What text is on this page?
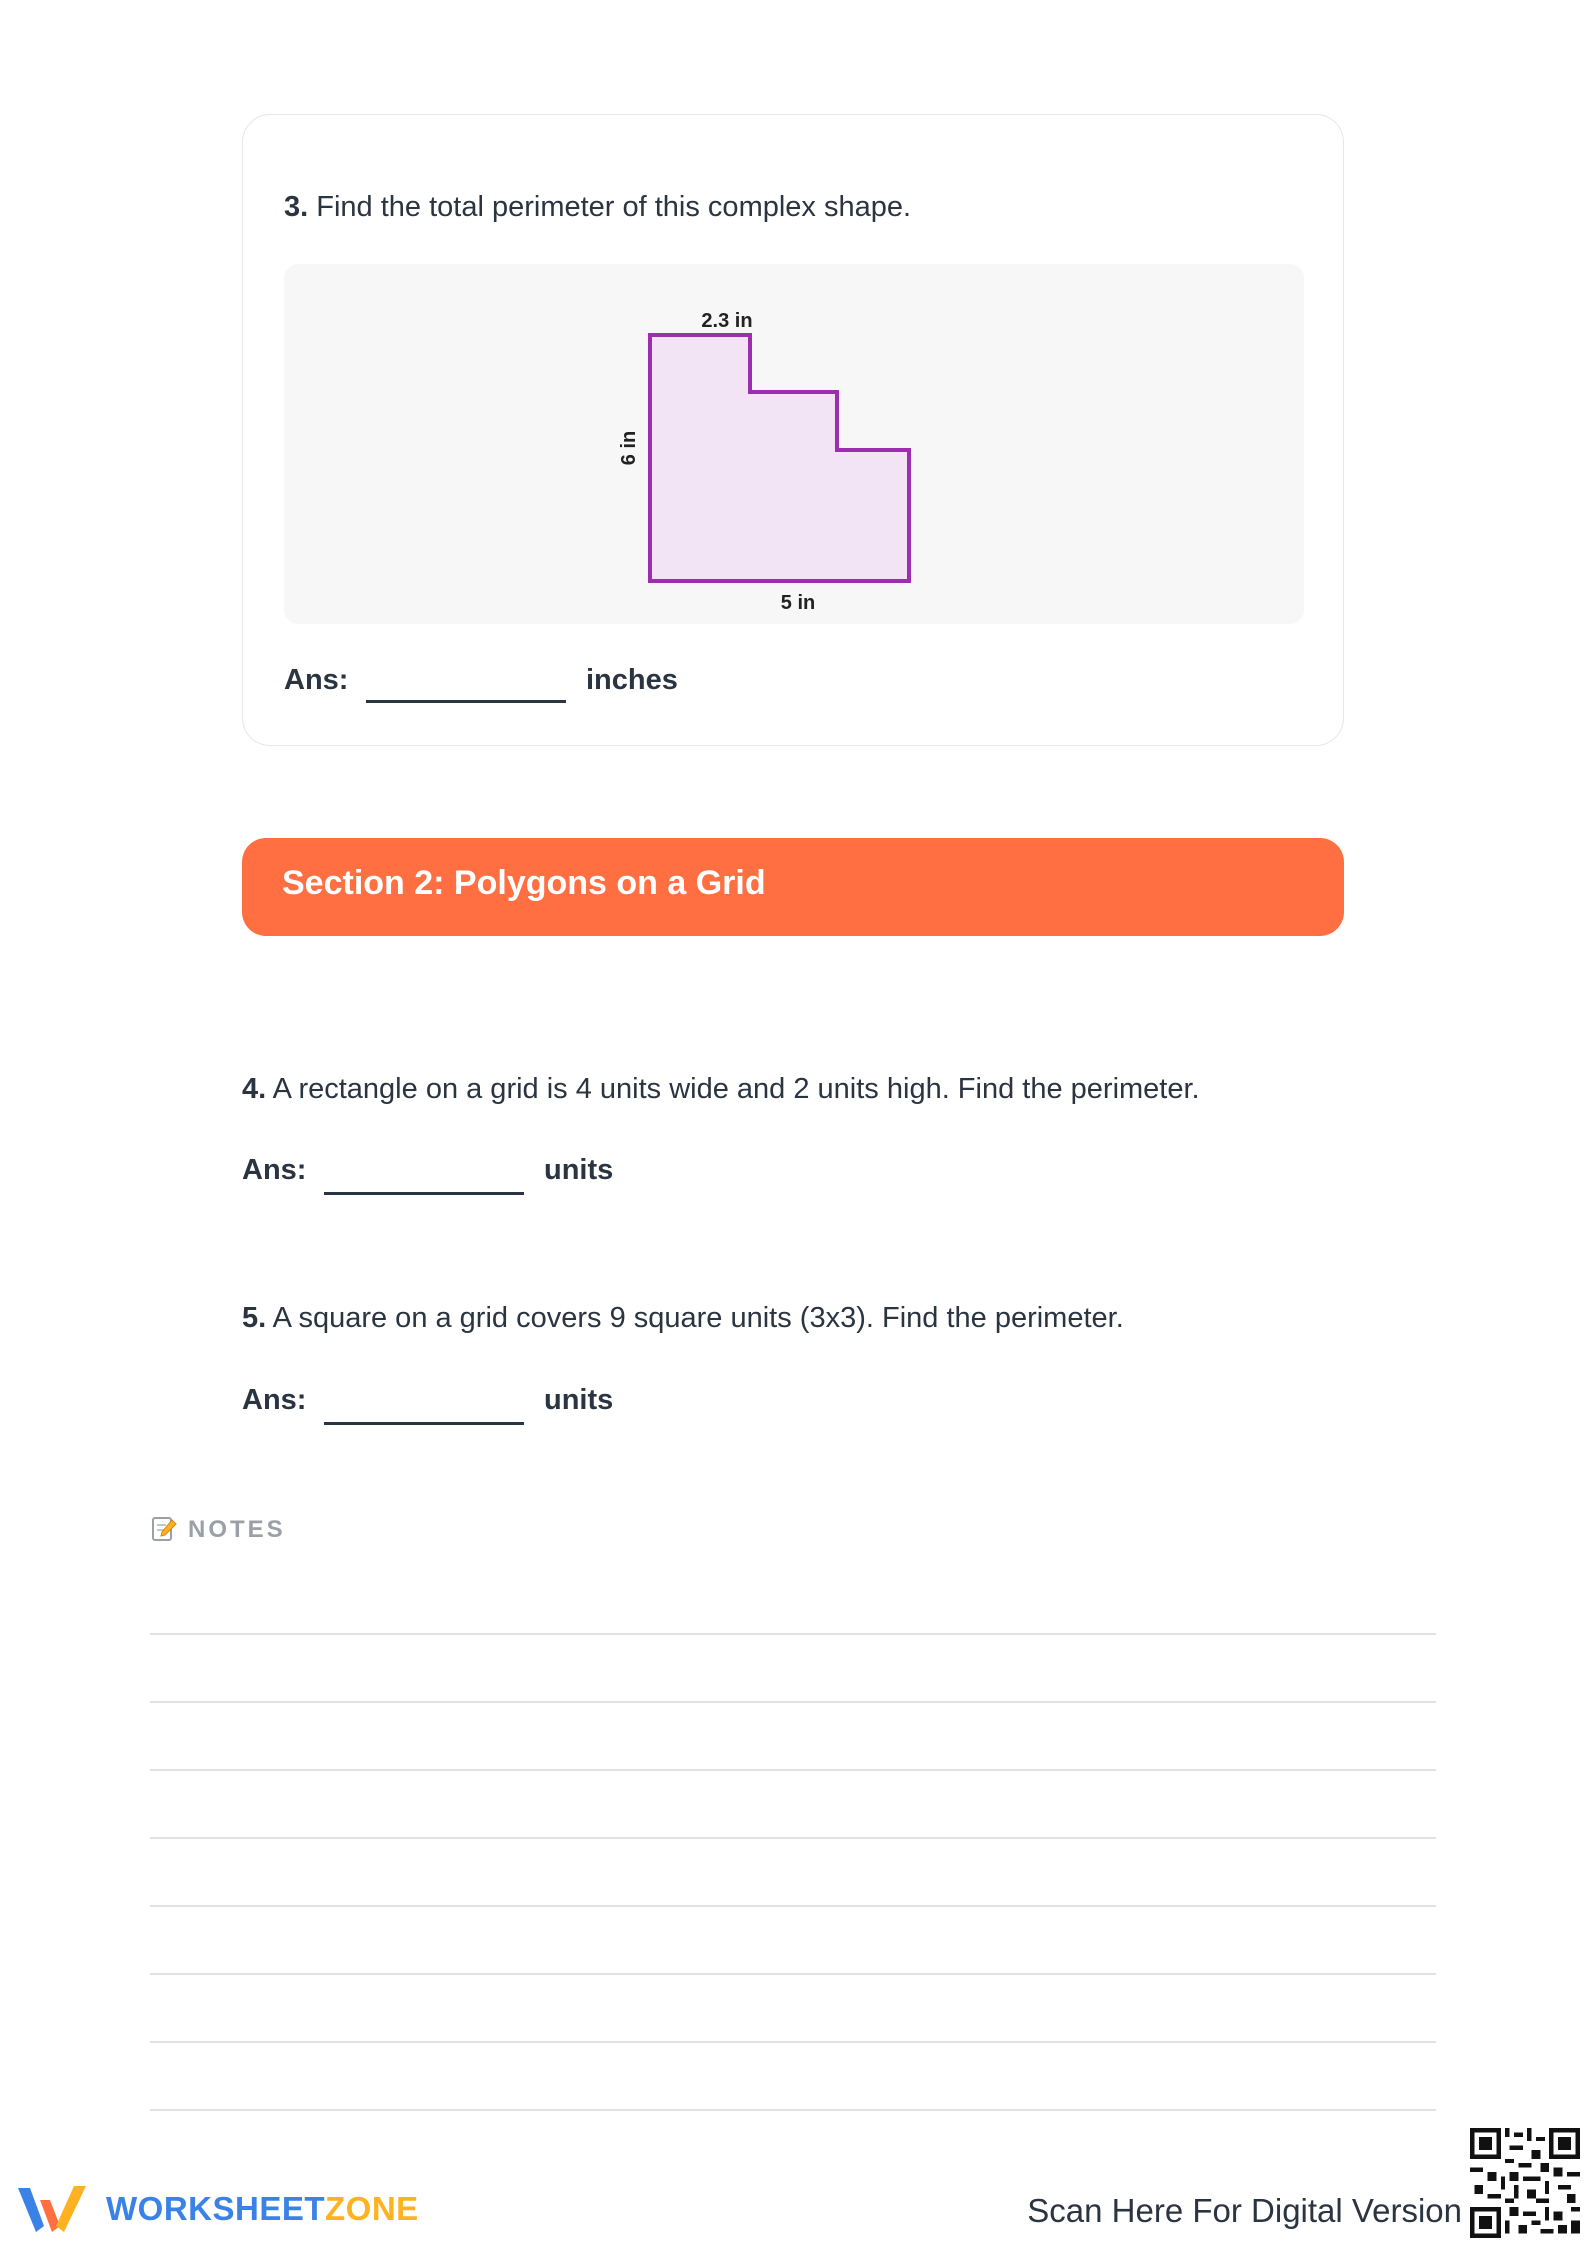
3. Find the total perimeter of this complex shape.
2.3 in
6 in
5 in
Ans:	inches
Section 2: Polygons on a Grid
4. A rectangle on a grid is 4 units wide and 2 units high. Find the perimeter.
Ans:	units
5. A square on a grid covers 9 square units (3x3). Find the perimeter.
Ans:	units
NOTES
WORKSHEETZONE	Scan Here For Digital Version
